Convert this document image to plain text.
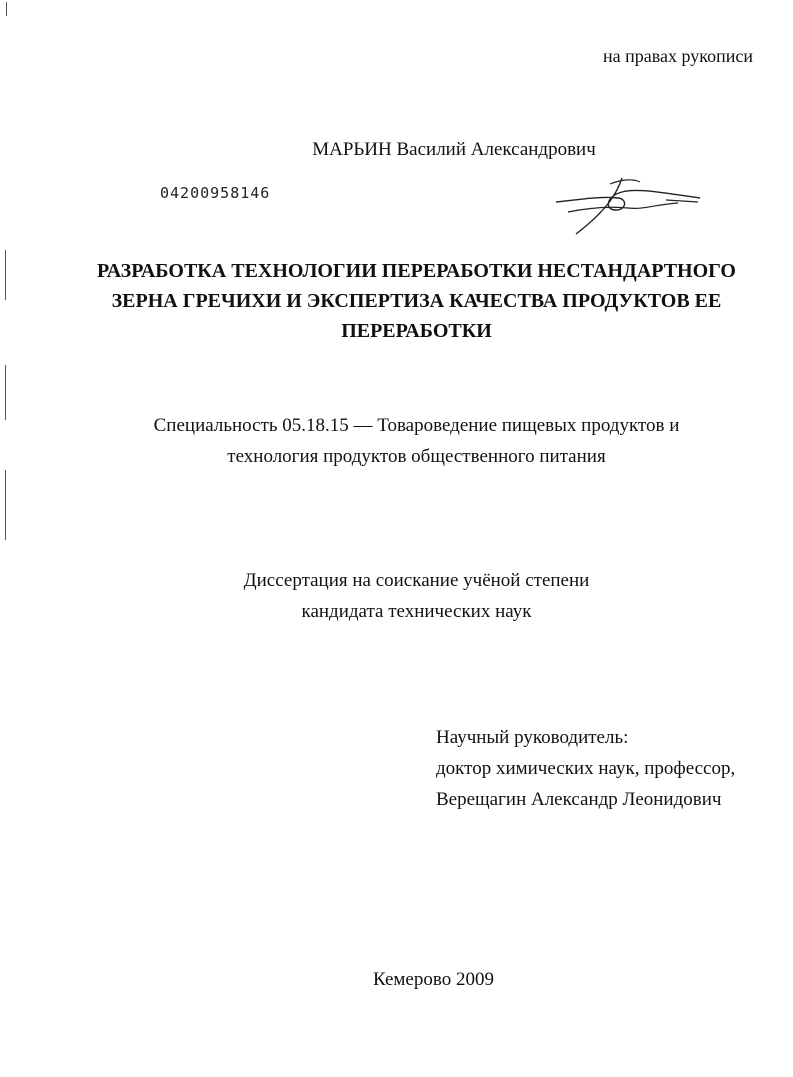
на правах рукописи
МАРЬИН Василий Александрович
04200958146
РАЗРАБОТКА ТЕХНОЛОГИИ ПЕРЕРАБОТКИ НЕСТАНДАРТНОГО
ЗЕРНА ГРЕЧИХИ И ЭКСПЕРТИЗА КАЧЕСТВА ПРОДУКТОВ ЕЕ
ПЕРЕРАБОТКИ
Специальность 05.18.15 — Товароведение пищевых продуктов и
технология продуктов общественного питания
Диссертация на соискание учёной степени
кандидата технических наук
Научный руководитель:
доктор химических наук, профессор,
Верещагин Александр Леонидович
Кемерово 2009
